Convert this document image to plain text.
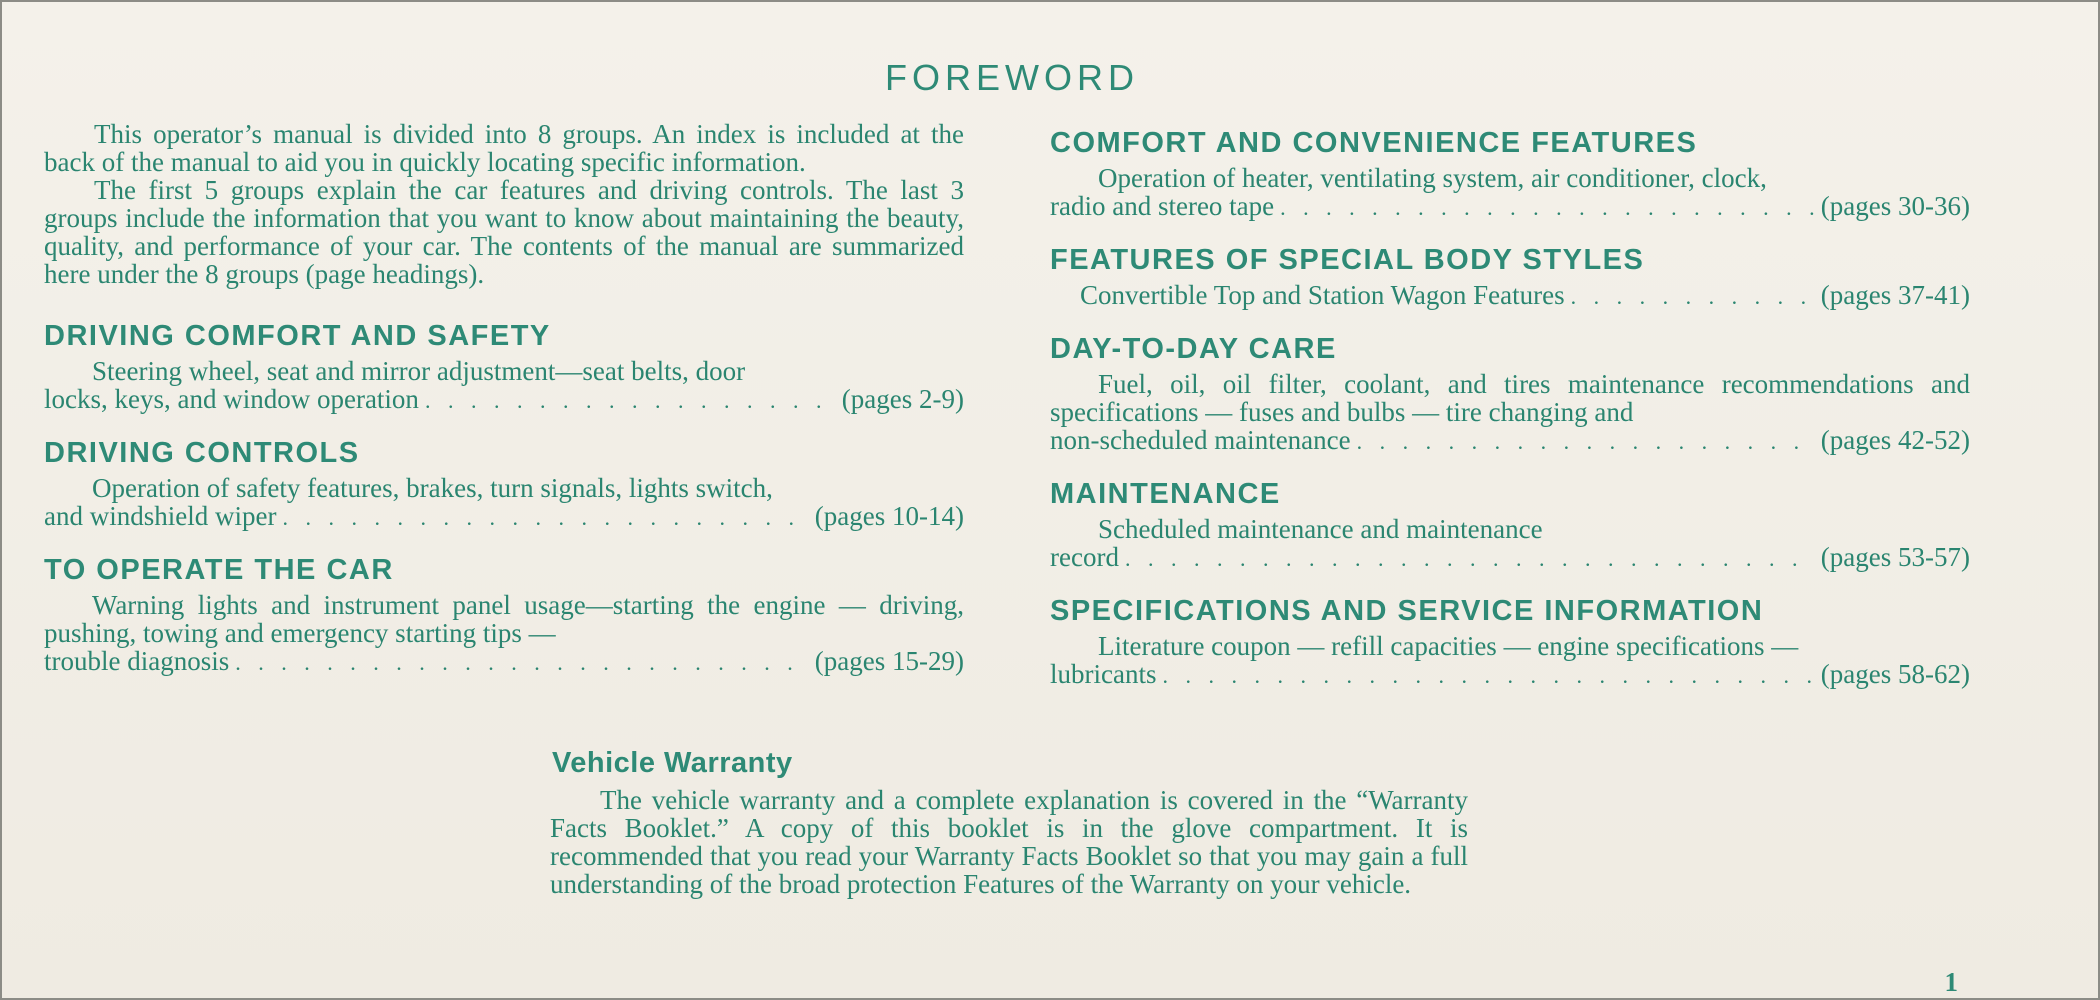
FOREWORD

This operator’s manual is divided into 8 groups. An index is included at the back of the manual to aid you in quickly locating specific information.

The first 5 groups explain the car features and driving controls. The last 3 groups include the information that you want to know about maintaining the beauty, quality, and performance of your car. The contents of the manual are summarized here under the 8 groups (page headings).

DRIVING COMFORT AND SAFETY

Steering wheel, seat and mirror adjustment—seat belts, door

locks, keys, and window operation . . .	(pages 2-9)
DRIVING CONTROLS

Operation of safety features, brakes, turn signals, lights switch,

and windshield wiper . . .	(pages 10-14)
TO OPERATE THE CAR

Warning lights and instrument panel usage—starting the engine — driving, pushing, towing and emergency starting tips —

trouble diagnosis . . .	(pages 15-29)
COMFORT AND CONVENIENCE FEATURES

Operation of heater, ventilating system, air conditioner, clock,

radio and stereo tape . . .	(pages 30-36)
FEATURES OF SPECIAL BODY STYLES
Convertible Top and Station Wagon Features . . .	(pages 37-41)
DAY-TO-DAY CARE

Fuel, oil, oil filter, coolant, and tires maintenance recommendations and specifications — fuses and bulbs — tire changing and

non-scheduled maintenance . . .	(pages 42-52)
MAINTENANCE

Scheduled maintenance and maintenance

record . . .	(pages 53-57)
SPECIFICATIONS AND SERVICE INFORMATION

Literature coupon — refill capacities — engine specifications —

lubricants . . .	(pages 58-62)
Vehicle Warranty

The vehicle warranty and a complete explanation is covered in the “Warranty Facts Booklet.” A copy of this booklet is in the glove compartment. It is recommended that you read your Warranty Facts Booklet so that you may gain a full understanding of the broad protection Features of the Warranty on your vehicle.

1
